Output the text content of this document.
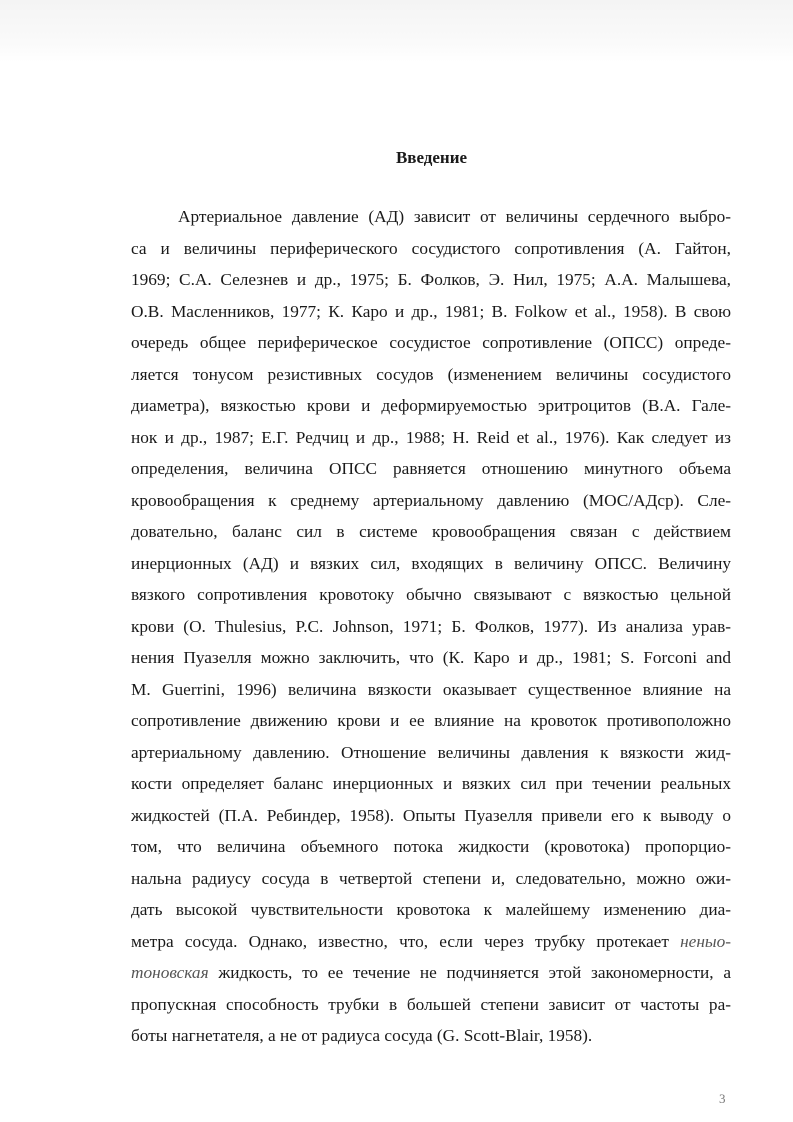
Введение
Артериальное давление (АД) зависит от величины сердечного выбро-
са и величины периферического сосудистого сопротивления (А. Гайтон,
1969; С.А. Селезнев и др., 1975; Б. Фолков, Э. Нил, 1975; А.А. Малышева,
О.В. Масленников, 1977; К. Каро и др., 1981; B. Folkow et al., 1958). В свою
очередь общее периферическое сосудистое сопротивление (ОПСС) опреде-
ляется тонусом резистивных сосудов (изменением величины сосудистого
диаметра), вязкостью крови и деформируемостью эритроцитов (В.А. Гале-
нок и др., 1987; Е.Г. Редчиц и др., 1988; H. Reid et al., 1976). Как следует из
определения, величина ОПСС равняется отношению минутного объема
кровообращения к среднему артериальному давлению (МОС/АДср). Сле-
довательно, баланс сил в системе кровообращения связан с действием
инерционных (АД) и вязких сил, входящих в величину ОПСС. Величину
вязкого сопротивления кровотоку обычно связывают с вязкостью цельной
крови (O. Thulesius, P.C. Johnson, 1971; Б. Фолков, 1977). Из анализа урав-
нения Пуазелля можно заключить, что (К. Каро и др., 1981; S. Forconi and
M. Guerrini, 1996) величина вязкости оказывает существенное влияние на
сопротивление движению крови и ее влияние на кровоток противоположно
артериальному давлению. Отношение величины давления к вязкости жид-
кости определяет баланс инерционных и вязких сил при течении реальных
жидкостей (П.А. Ребиндер, 1958). Опыты Пуазелля привели его к выводу о
том, что величина объемного потока жидкости (кровотока) пропорцио-
нальна радиусу сосуда в четвертой степени и, следовательно, можно ожи-
дать высокой чувствительности кровотока к малейшему изменению диа-
метра сосуда. Однако, известно, что, если через трубку протекает неныо-
тоновская жидкость, то ее течение не подчиняется этой закономерности, а
пропускная способность трубки в большей степени зависит от частоты ра-
боты нагнетателя, а не от радиуса сосуда (G. Scott-Blair, 1958).
3
